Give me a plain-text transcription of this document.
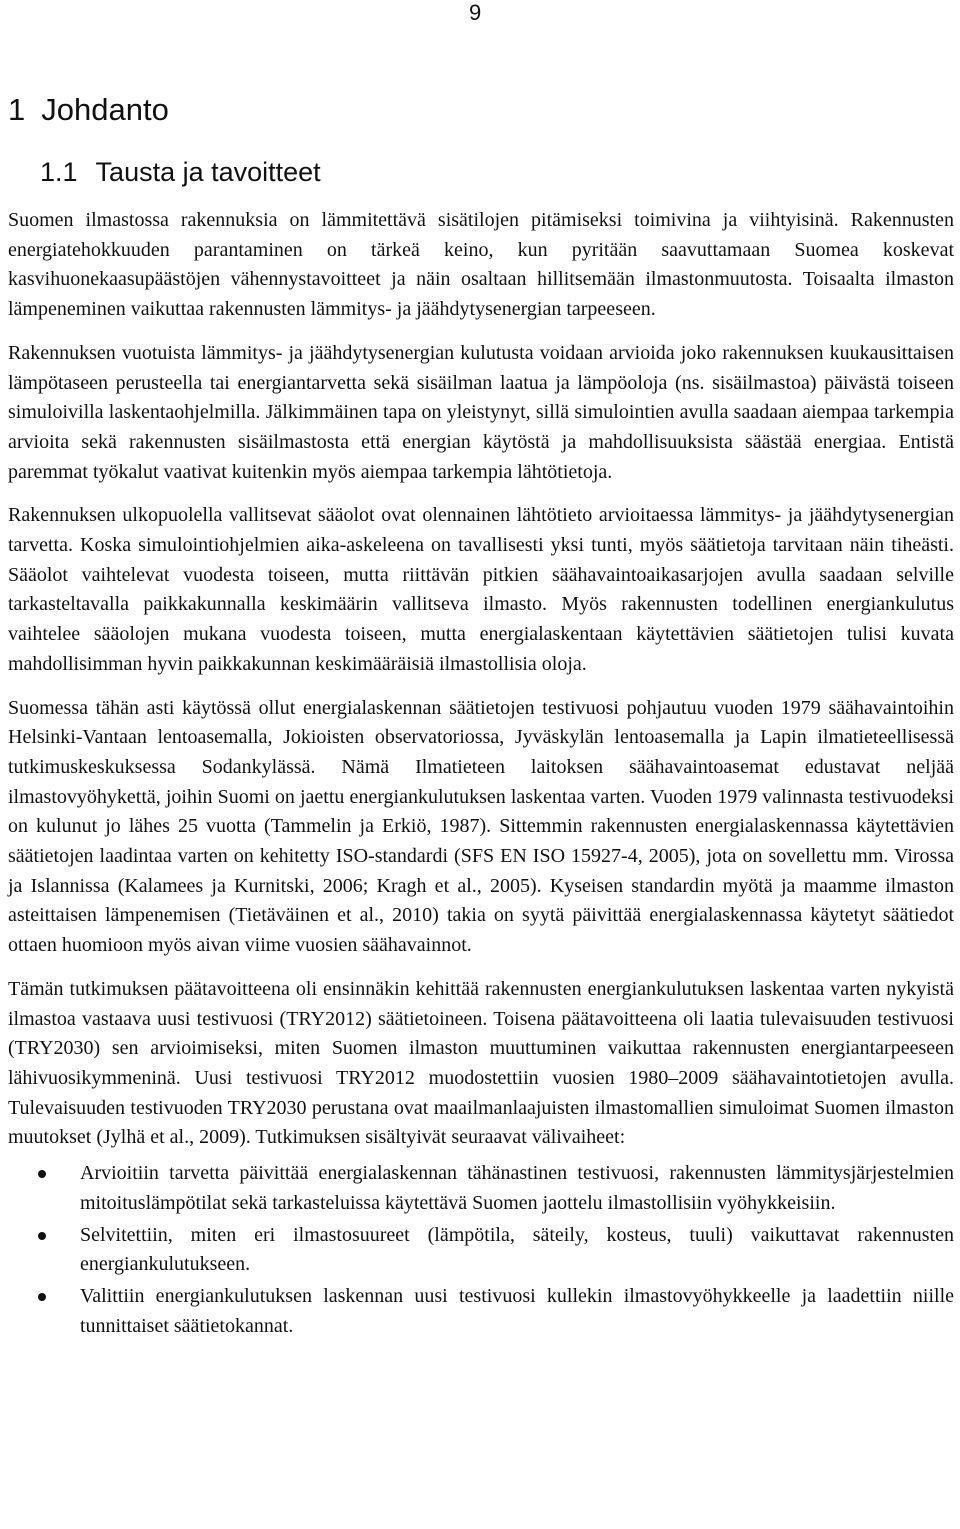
9
1 Johdanto
1.1 Tausta ja tavoitteet

Suomen ilmastossa rakennuksia on lämmitettävä sisätilojen pitämiseksi toimivina ja viihtyisinä. Rakennusten energiatehokkuuden parantaminen on tärkeä keino, kun pyritään saavuttamaan Suomea koskevat kasvihuonekaasupäästöjen vähennystavoitteet ja näin osaltaan hillitsemään ilmastonmuutosta. Toisaalta ilmaston lämpeneminen vaikuttaa rakennusten lämmitys- ja jäähdytysenergian tarpeeseen.

Rakennuksen vuotuista lämmitys- ja jäähdytysenergian kulutusta voidaan arvioida joko rakennuksen kuukausittaisen lämpötaseen perusteella tai energiantarvetta sekä sisäilman laatua ja lämpöoloja (ns. sisäilmastoa) päivästä toiseen simuloivilla laskentaohjelmilla. Jälkimmäinen tapa on yleistynyt, sillä simulointien avulla saadaan aiempaa tarkempia arvioita sekä rakennusten sisäilmastosta että energian käytöstä ja mahdollisuuksista säästää energiaa. Entistä paremmat työkalut vaativat kuitenkin myös aiempaa tarkempia lähtötietoja.

Rakennuksen ulkopuolella vallitsevat sääolot ovat olennainen lähtötieto arvioitaessa lämmitys- ja jäähdytysenergian tarvetta. Koska simulointiohjelmien aika-askeleena on tavallisesti yksi tunti, myös säätietoja tarvitaan näin tiheästi. Sääolot vaihtelevat vuodesta toiseen, mutta riittävän pitkien säähavaintoaikasarjojen avulla saadaan selville tarkasteltavalla paikkakunnalla keskimäärin vallitseva ilmasto. Myös rakennusten todellinen energiankulutus vaihtelee sääolojen mukana vuodesta toiseen, mutta energialaskentaan käytettävien säätietojen tulisi kuvata mahdollisimman hyvin paikkakunnan keskimääräisiä ilmastollisia oloja.

Suomessa tähän asti käytössä ollut energialaskennan säätietojen testivuosi pohjautuu vuoden 1979 säähavaintoihin Helsinki-Vantaan lentoasemalla, Jokioisten observatoriossa, Jyväskylän lentoasemalla ja Lapin ilmatieteellisessä tutkimuskeskuksessa Sodankylässä. Nämä Ilmatieteen laitoksen säähavaintoasemat edustavat neljää ilmastovyöhykettä, joihin Suomi on jaettu energiankulutuksen laskentaa varten. Vuoden 1979 valinnasta testivuodeksi on kulunut jo lähes 25 vuotta (Tammelin ja Erkiö, 1987). Sittemmin rakennusten energialaskennassa käytettävien säätietojen laadintaa varten on kehitetty ISO-standardi (SFS EN ISO 15927-4, 2005), jota on sovellettu mm. Virossa ja Islannissa (Kalamees ja Kurnitski, 2006; Kragh et al., 2005). Kyseisen standardin myötä ja maamme ilmaston asteittaisen lämpenemisen (Tietäväinen et al., 2010) takia on syytä päivittää energialaskennassa käytetyt säätiedot ottaen huomioon myös aivan viime vuosien säähavainnot.

Tämän tutkimuksen päätavoitteena oli ensinnäkin kehittää rakennusten energiankulutuksen laskentaa varten nykyistä ilmastoa vastaava uusi testivuosi (TRY2012) säätietoineen. Toisena päätavoitteena oli laatia tulevaisuuden testivuosi (TRY2030) sen arvioimiseksi, miten Suomen ilmaston muuttuminen vaikuttaa rakennusten energiantarpeeseen lähivuosikymmeninä. Uusi testivuosi TRY2012 muodostettiin vuosien 1980–2009 säähavaintotietojen avulla. Tulevaisuuden testivuoden TRY2030 perustana ovat maailmanlaajuisten ilmastomallien simuloimat Suomen ilmaston muutokset (Jylhä et al., 2009). Tutkimuksen sisältyivät seuraavat välivaiheet:

Arvioitiin tarvetta päivittää energialaskennan tähänastinen testivuosi, rakennusten lämmitysjärjestelmien mitoituslämpötilat sekä tarkasteluissa käytettävä Suomen jaottelu ilmastollisiin vyöhykkeisiin.
Selvitettiin, miten eri ilmastosuureet (lämpötila, säteily, kosteus, tuuli) vaikuttavat rakennusten energiankulutukseen.
Valittiin energiankulutuksen laskennan uusi testivuosi kullekin ilmastovyöhykkeelle ja laadettiin niille tunnittaiset säätietokannat.
